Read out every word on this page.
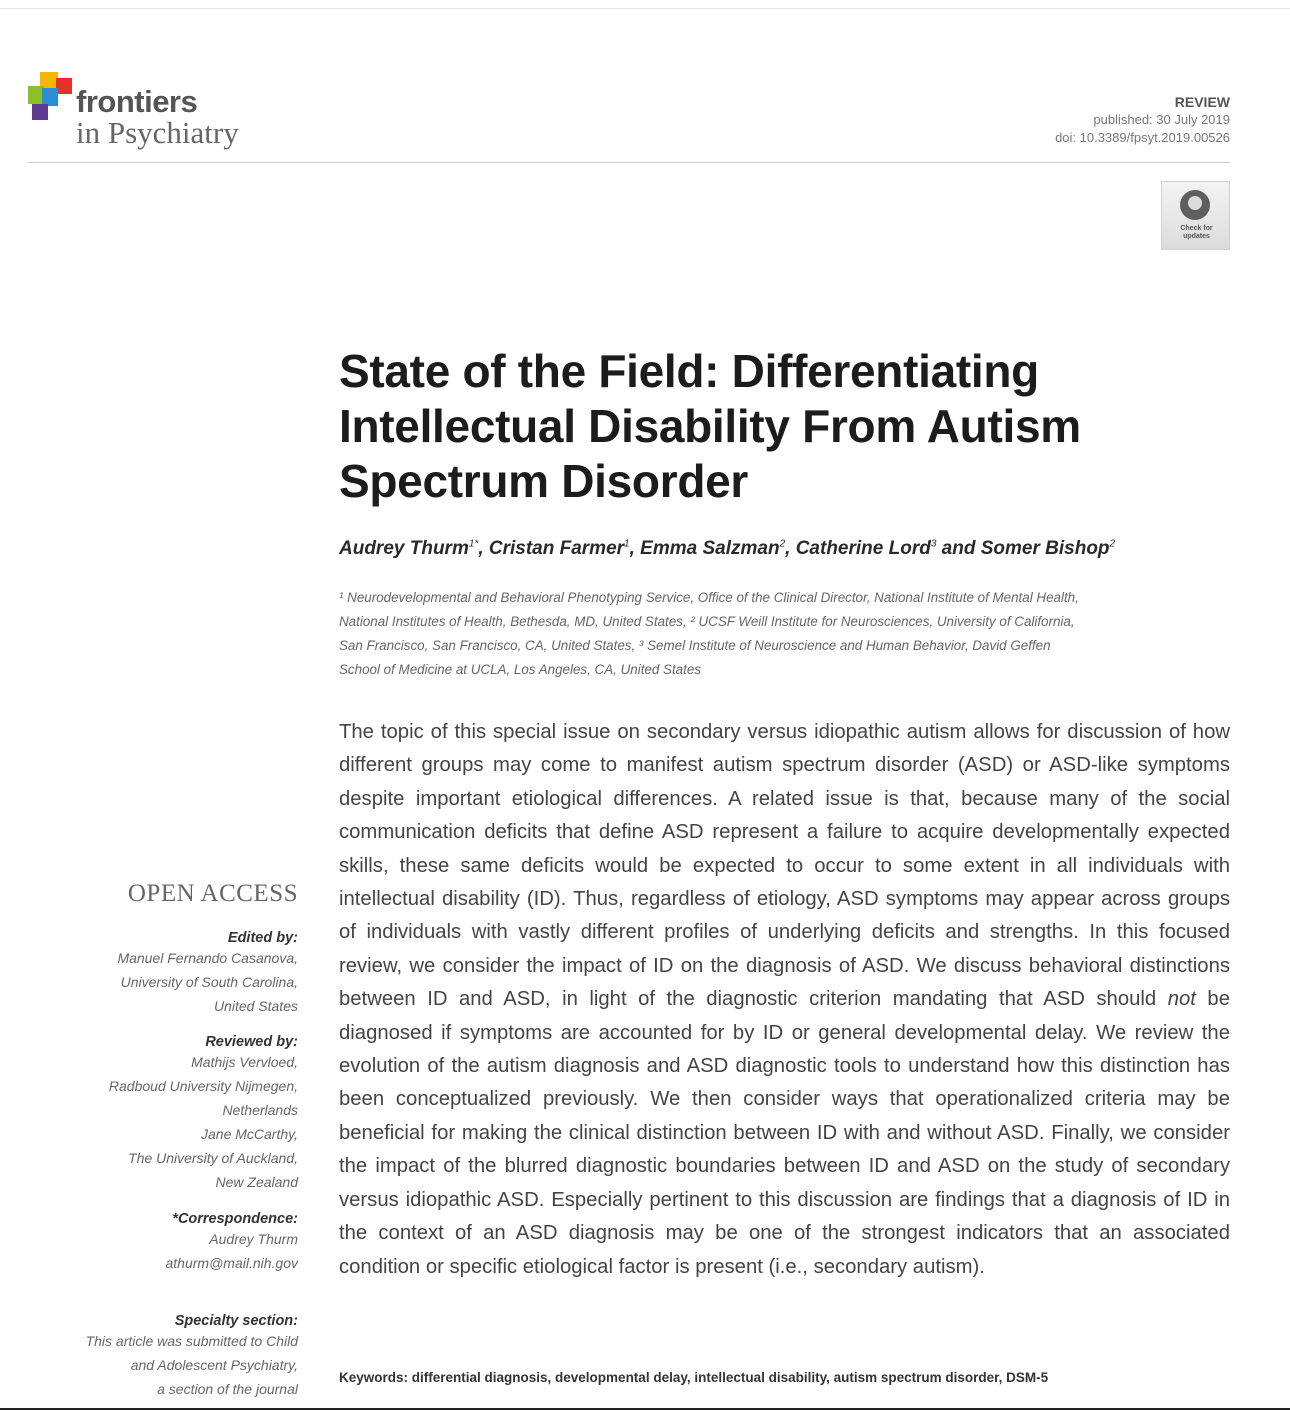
frontiers
in Psychiatry
REVIEW
published: 30 July 2019
doi: 10.3389/fpsyt.2019.00526
Check for
updates
State of the Field: Differentiating Intellectual Disability From Autism Spectrum Disorder
Audrey Thurm$^{1*}$, Cristan Farmer$^1$, Emma Salzman$^2$, Catherine Lord$^3$ and Somer Bishop$^2$
¹ Neurodevelopmental and Behavioral Phenotyping Service, Office of the Clinical Director, National Institute of Mental Health,
National Institutes of Health, Bethesda, MD, United States, ² UCSF Weill Institute for Neurosciences, University of California,
San Francisco, San Francisco, CA, United States, ³ Semel Institute of Neuroscience and Human Behavior, David Geffen
School of Medicine at UCLA, Los Angeles, CA, United States

The topic of this special issue on secondary versus idiopathic autism allows for discussion of how different groups may come to manifest autism spectrum disorder (ASD) or ASD-like symptoms despite important etiological differences. A related issue is that, because many of the social communication deficits that define ASD represent a failure to acquire developmentally expected skills, these same deficits would be expected to occur to some extent in all individuals with intellectual disability (ID). Thus, regardless of etiology, ASD symptoms may appear across groups of individuals with vastly different profiles of underlying deficits and strengths. In this focused review, we consider the impact of ID on the diagnosis of ASD. We discuss behavioral distinctions between ID and ASD, in light of the diagnostic criterion mandating that ASD should not be diagnosed if symptoms are accounted for by ID or general developmental delay. We review the evolution of the autism diagnosis and ASD diagnostic tools to understand how this distinction has been conceptualized previously. We then consider ways that operationalized criteria may be beneficial for making the clinical distinction between ID with and without ASD. Finally, we consider the impact of the blurred diagnostic boundaries between ID and ASD on the study of secondary versus idiopathic ASD. Especially pertinent to this discussion are findings that a diagnosis of ID in the context of an ASD diagnosis may be one of the strongest indicators that an associated condition or specific etiological factor is present (i.e., secondary autism).

Keywords: differential diagnosis, developmental delay, intellectual disability, autism spectrum disorder, DSM-5
OPEN ACCESS
Edited by:
Manuel Fernando Casanova,
University of South Carolina,
United States
Reviewed by:
Mathijs Vervloed,
Radboud University Nijmegen,
Netherlands
Jane McCarthy,
The University of Auckland,
New Zealand
*Correspondence:
Audrey Thurm
athurm@mail.nih.gov
Specialty section:
This article was submitted to Child
and Adolescent Psychiatry,
a section of the journal
